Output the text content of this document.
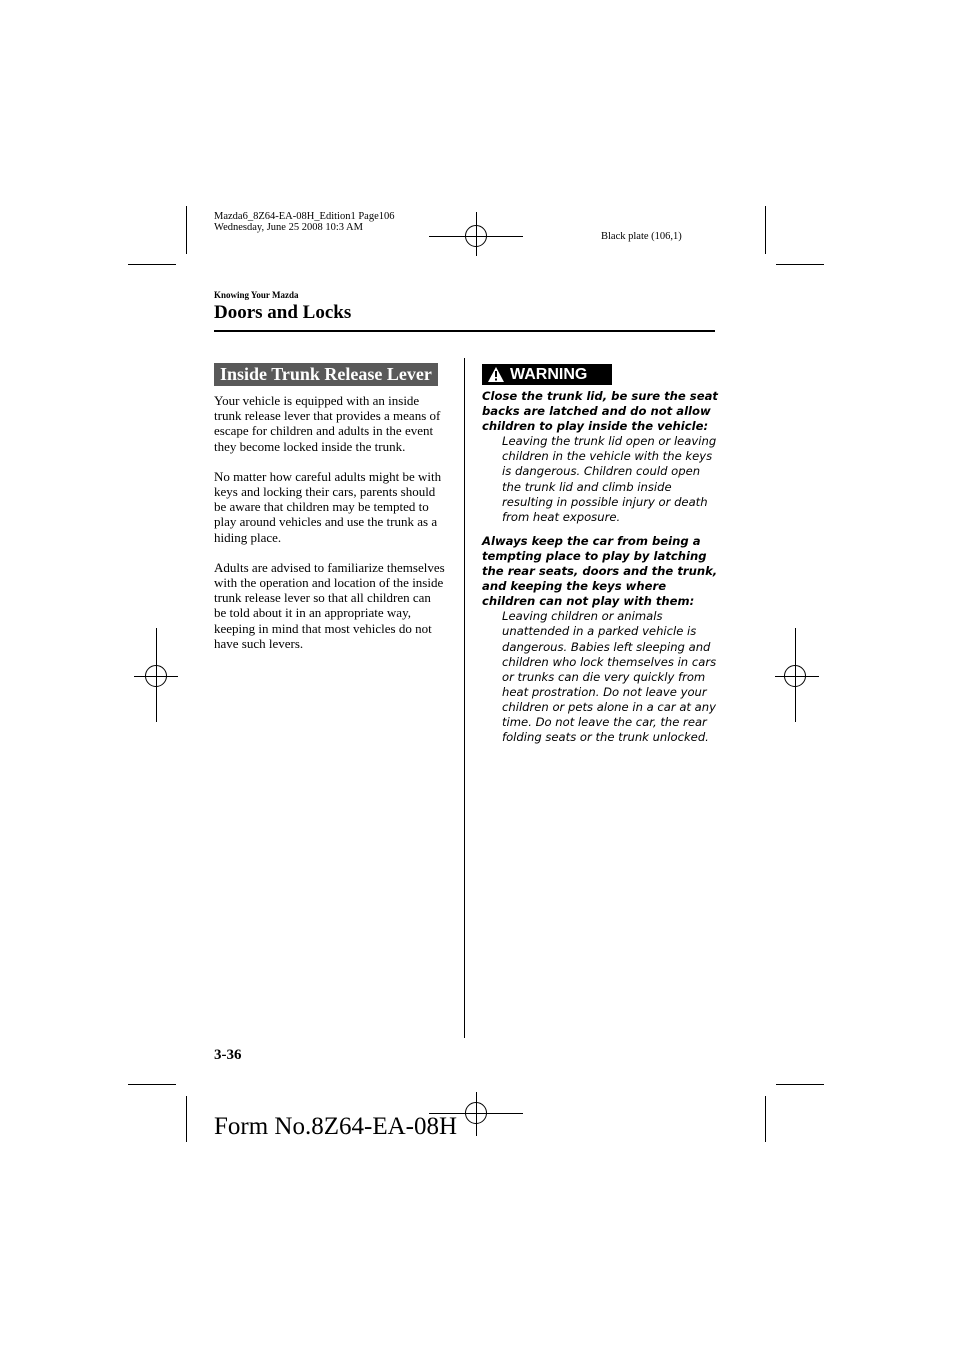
Mazda6_8Z64-EA-08H_Edition1 Page106
Wednesday, June 25 2008 10:3 AM
Black plate (106,1)
Knowing Your Mazda
Doors and Locks
Inside Trunk Release Lever

Your vehicle is equipped with an inside trunk release lever that provides a means of escape for children and adults in the event they become locked inside the trunk.

No matter how careful adults might be with keys and locking their cars, parents should be aware that children may be tempted to play around vehicles and use the trunk as a hiding place.

Adults are advised to familiarize themselves with the operation and location of the inside trunk release lever so that all children can be told about it in an appropriate way, keeping in mind that most vehicles do not have such levers.

WARNING

Close the trunk lid, be sure the seat backs are latched and do not allow children to play inside the vehicle:

Leaving the trunk lid open or leaving children in the vehicle with the keys is dangerous. Children could open the trunk lid and climb inside resulting in possible injury or death from heat exposure.

Always keep the car from being a tempting place to play by latching the rear seats, doors and the trunk, and keeping the keys where children can not play with them:

Leaving children or animals unattended in a parked vehicle is dangerous. Babies left sleeping and children who lock themselves in cars or trunks can die very quickly from heat prostration. Do not leave your children or pets alone in a car at any time. Do not leave the car, the rear folding seats or the trunk unlocked.

3-36
Form No.8Z64-EA-08H
